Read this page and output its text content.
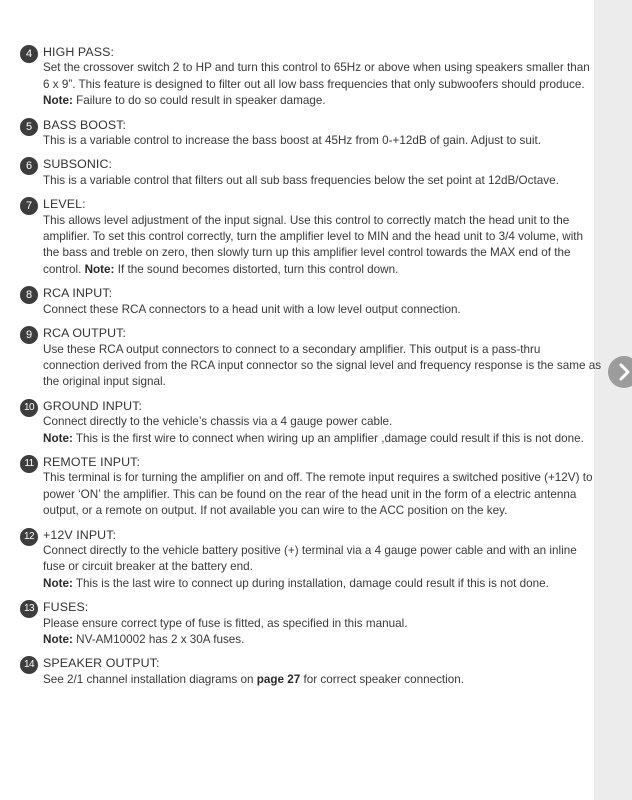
4 HIGH PASS:
Set the crossover switch 2 to HP and turn this control to 65Hz or above when using speakers smaller than
6 x 9”. This feature is designed to filter out all low bass frequencies that only subwoofers should produce.
Note: Failure to do so could result in speaker damage.
5 BASS BOOST:
This is a variable control to increase the bass boost at 45Hz from 0-+12dB of gain. Adjust to suit.
6 SUBSONIC:
This is a variable control that filters out all sub bass frequencies below the set point at 12dB/Octave.
7 LEVEL:
This allows level adjustment of the input signal. Use this control to correctly match the head unit to the
amplifier. To set this control correctly, turn the amplifier level to MIN and the head unit to 3/4 volume, with
the bass and treble on zero, then slowly turn up this amplifier level control towards the MAX end of the
control. Note: If the sound becomes distorted, turn this control down.
8 RCA INPUT:
Connect these RCA connectors to a head unit with a low level output connection.
9 RCA OUTPUT:
Use these RCA output connectors to connect to a secondary amplifier. This output is a pass-thru
connection derived from the RCA input connector so the signal level and frequency response is the same as
the original input signal.
10 GROUND INPUT:
Connect directly to the vehicle’s chassis via a 4 gauge power cable.
Note: This is the first wire to connect when wiring up an amplifier ,damage could result if this is not done.
11 REMOTE INPUT:
This terminal is for turning the amplifier on and off. The remote input requires a switched positive (+12V) to
power ‘ON’ the amplifier. This can be found on the rear of the head unit in the form of a electric antenna
output, or a remote on output. If not available you can wire to the ACC position on the key.
12 +12V INPUT:
Connect directly to the vehicle battery positive (+) terminal via a 4 gauge power cable and with an inline
fuse or circuit breaker at the battery end.
Note: This is the last wire to connect up during installation, damage could result if this is not done.
13 FUSES:
Please ensure correct type of fuse is fitted, as specified in this manual.
Note: NV-AM10002 has 2 x 30A fuses.
14 SPEAKER OUTPUT:
See 2/1 channel installation diagrams on page 27 for correct speaker connection.
